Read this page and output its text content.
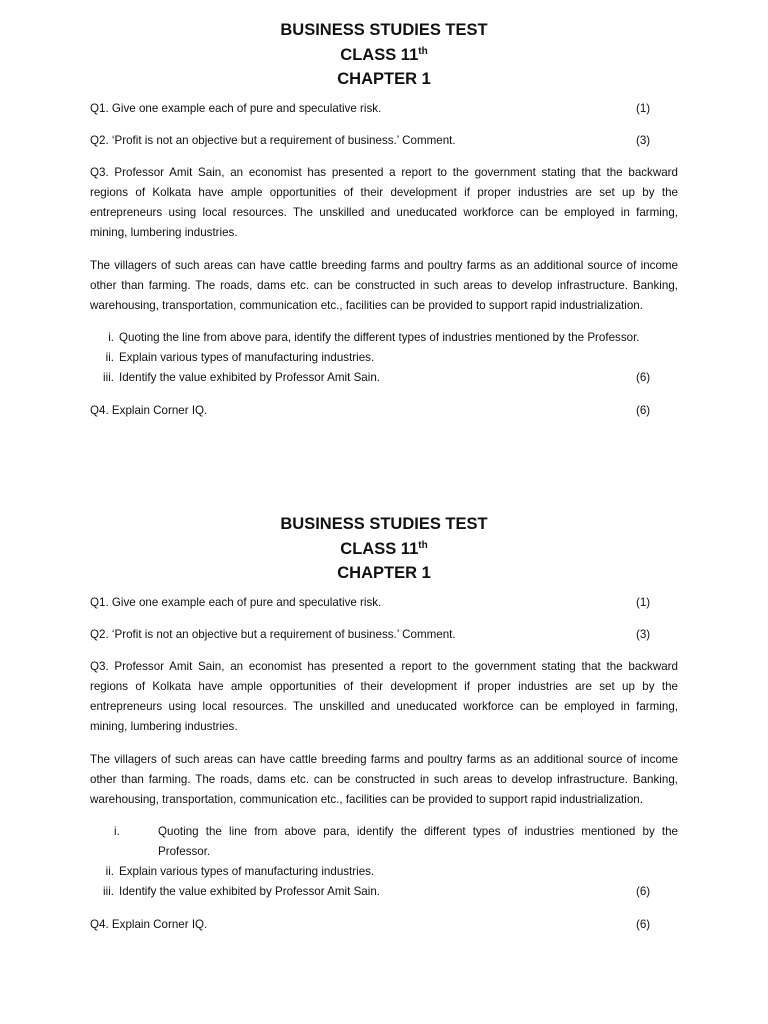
BUSINESS STUDIES TEST
CLASS 11th
CHAPTER 1
Q1. Give one example each of pure and speculative risk.	(1)
Q2. ‘Profit is not an objective but a requirement of business.’ Comment.	(3)

Q3. Professor Amit Sain, an economist has presented a report to the government stating that the backward regions of Kolkata have ample opportunities of their development if proper industries are set up by the entrepreneurs using local resources. The unskilled and uneducated workforce can be employed in farming, mining, lumbering industries.

The villagers of such areas can have cattle breeding farms and poultry farms as an additional source of income other than farming. The roads, dams etc. can be constructed in such areas to develop infrastructure. Banking, warehousing, transportation, communication etc., facilities can be provided to support rapid industrialization.

i. Quoting the line from above para, identify the different types of industries mentioned by the Professor.
ii. Explain various types of manufacturing industries.
iii. Identify the value exhibited by Professor Amit Sain.	(6)
Q4. Explain Corner IQ.	(6)
BUSINESS STUDIES TEST
CLASS 11th
CHAPTER 1
Q1. Give one example each of pure and speculative risk.	(1)
Q2. ‘Profit is not an objective but a requirement of business.’ Comment.	(3)

Q3. Professor Amit Sain, an economist has presented a report to the government stating that the backward regions of Kolkata have ample opportunities of their development if proper industries are set up by the entrepreneurs using local resources. The unskilled and uneducated workforce can be employed in farming, mining, lumbering industries.

The villagers of such areas can have cattle breeding farms and poultry farms as an additional source of income other than farming. The roads, dams etc. can be constructed in such areas to develop infrastructure. Banking, warehousing, transportation, communication etc., facilities can be provided to support rapid industrialization.

i.	Quoting the line from above para, identify the different types of industries mentioned by the Professor.
ii. Explain various types of manufacturing industries.
iii. Identify the value exhibited by Professor Amit Sain.	(6)
Q4. Explain Corner IQ.	(6)
